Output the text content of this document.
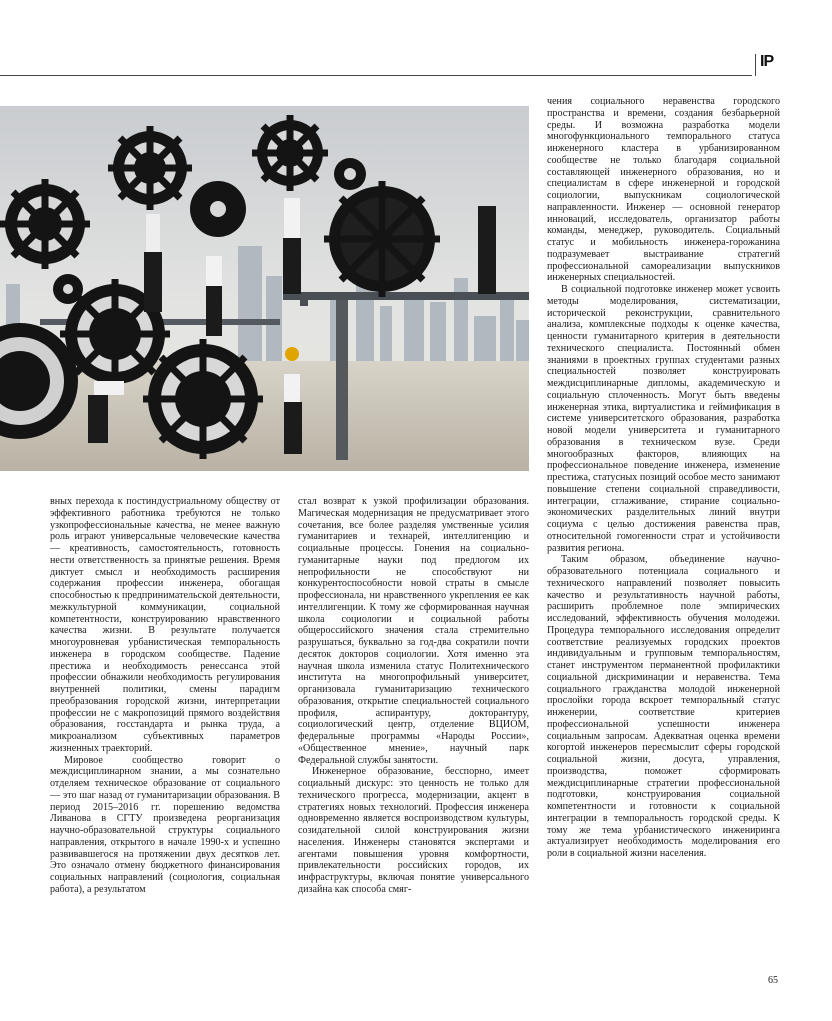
IP

вных перехода к постиндустриальному обществу от эффективного работника требуются не только узкопрофессиональные качества, не менее важную роль играют универсальные человеческие качества — креативность, самостоятельность, готовность нести ответственность за принятые решения. Время диктует смысл и необходимость расширения содержания профессии инженера, обогащая способностью к предпринимательской деятельности, межкультурной коммуникации, социальной компетентности, конструированию нравственного качества жизни. В результате получается многоуровневая урбанистическая темпоральность инженера в городском сообществе. Падение престижа и необходимость ренессанса этой профессии обнажили необходимость регулирования внутренней политики, смены парадигм преобразования городской жизни, интерпретации профессии не с макропозиций прямого воздействия образования, госстандарта и рынка труда, а микроанализом субъективных параметров жизненных траекторий.

Мировое сообщество говорит о междисциплинарном знании, а мы сознательно отделяем техническое образование от социального — это шаг назад от гуманитаризации образования. В период 2015–2016 гг. порешению ведомства Ливанова в СГТУ произведена реорганизация научно-образовательной структуры социального направления, открытого в начале 1990-х и успешно развивавшегося на протяжении двух десятков лет. Это означало отмену бюджетного финансирования социальных направлений (социология, социальная работа), а результатом

стал возврат к узкой профилизации образования. Магическая модернизация не предусматривает этого сочетания, все более разделяя умственные усилия гуманитариев и технарей, интеллигенцию и социальные процессы. Гонения на социально-гуманитарные науки под предлогом их непрофильности не способствуют ни конкурентоспособности новой страты в смысле профессионала, ни нравственного укрепления ее как интеллигенции. К тому же сформированная научная школа социологии и социальной работы общероссийского значения стала стремительно разрушаться, буквально за год-два сократили почти десяток докторов социологии. Хотя именно эта научная школа изменила статус Политехнического института на многопрофильный университет, организовала гуманитаризацию технического образования, открытие специальностей социального профиля, аспирантуру, докторантуру, социологический центр, отделение ВЦИОМ, федеральные программы «Народы России», «Общественное мнение», научный парк Федеральной службы занятости.

Инженерное образование, бесспорно, имеет социальный дискурс: это ценность не только для технического прогресса, модернизации, акцент в стратегиях новых технологий. Профессия инженера одновременно является воспроизводством культуры, созидательной силой конструирования жизни населения. Инженеры становятся экспертами и агентами повышения уровня комфортности, привлекательности российских городов, их инфраструктуры, включая понятие универсального дизайна как способа смяг-

чения социального неравенства городского пространства и времени, создания безбарьерной среды. И возможна разработка модели многофункционального темпорального статуса инженерного кластера в урбанизированном сообществе не только благодаря социальной составляющей инженерного образования, но и специалистам в сфере инженерной и городской социологии, выпускникам социологической направленности. Инженер — основной генератор инноваций, исследователь, организатор работы команды, менеджер, руководитель. Социальный статус и мобильность инженера-горожанина подразумевает выстраивание стратегий профессиональной самореализации выпускников инженерных специальностей.

В социальной подготовке инженер может усвоить методы моделирования, систематизации, исторической реконструкции, сравнительного анализа, комплексные подходы к оценке качества, ценности гуманитарного критерия в деятельности технического специалиста. Постоянный обмен знаниями в проектных группах студентами разных специальностей позволяет конструировать междисциплинарные дипломы, академическую и социальную сплоченность. Могут быть введены инженерная этика, виртуалистика и геймификация в системе университетского образования, разработка новой модели университета и гуманитарного образования в техническом вузе. Среди многообразных факторов, влияющих на профессиональное поведение инженера, изменение престижа, статусных позиций особое место занимают повышение степени социальной справедливости, интеграции, сглаживание, стирание социально-экономических разделительных линий внутри социума с целью достижения равенства прав, относительной гомогенности страт и устойчивости развития региона.

Таким образом, объединение научно-образовательного потенциала социального и технического направлений позволяет повысить качество и результативность научной работы, расширить проблемное поле эмпирических исследований, эффективность обучения молодежи. Процедура темпорального исследования определит соответствие реализуемых городских проектов индивидуальным и групповым темпоральностям, станет инструментом перманентной профилактики социальной дискриминации и неравенства. Тема социального гражданства молодой инженерной прослойки города вскроет темпоральный статус инженерии, соответствие критериев профессиональной успешности инженера социальным запросам. Адекватная оценка времени когортой инженеров пересмыслит сферы городской социальной жизни, досуга, управления, производства, поможет сформировать междисциплинарные стратегии профессиональной подготовки, конструирования социальной компетентности и готовности к социальной интеграции в темпоральность городской среды. К тому же тема урбанистического инжениринга актуализирует необходимость моделирования его роли в социальной жизни населения.

65
